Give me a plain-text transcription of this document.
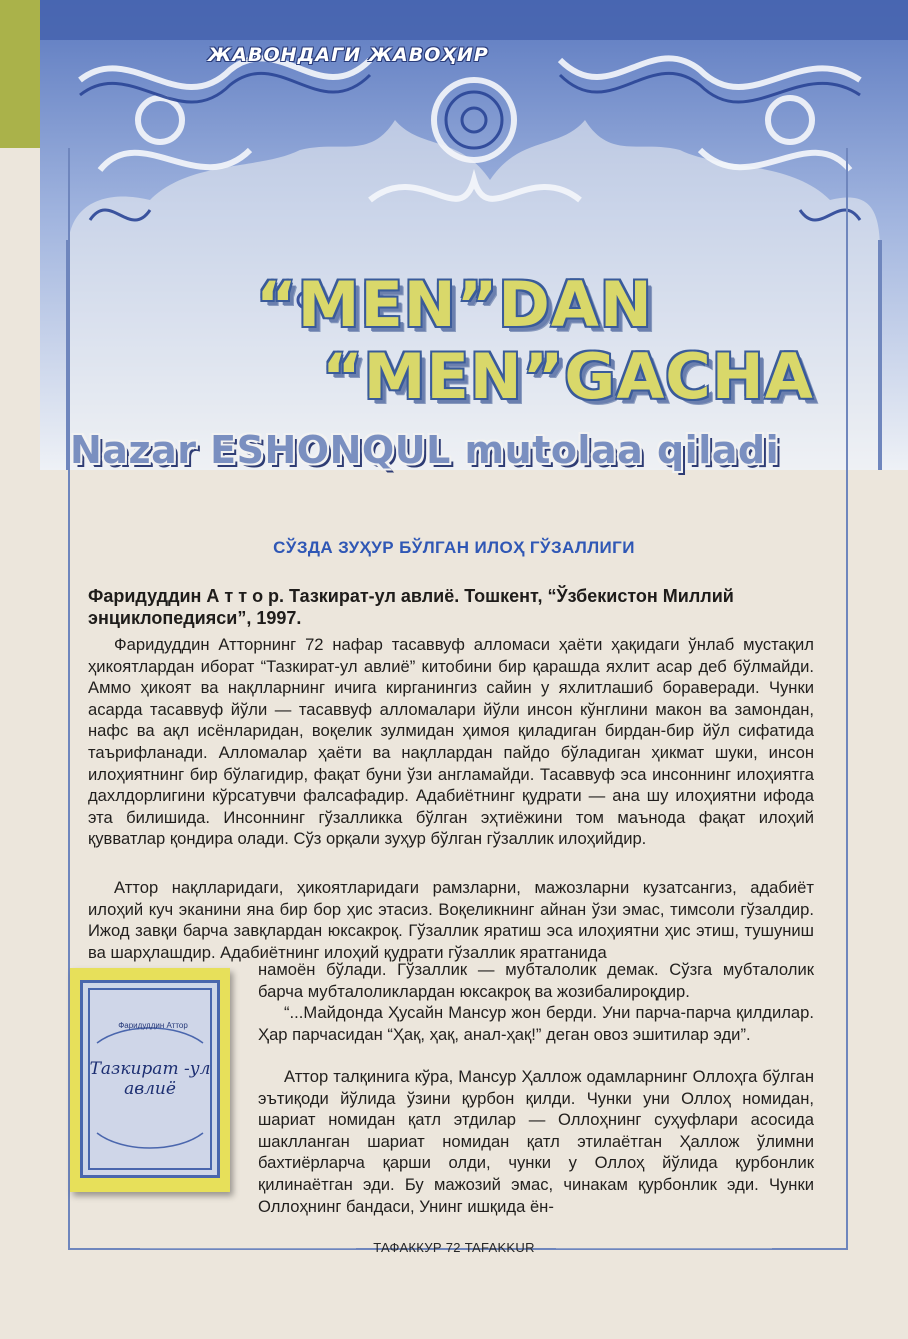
ЖАВОНДАГИ ЖАВОҲИР
“MEN”DAN
“MEN”GACHA
Nazar ESHONQUL mutolaa qiladi
СЎЗДА ЗУҲУР БЎЛГАН ИЛОҲ ГЎЗАЛЛИГИ
Фаридуддин А т т о р. Тазкират-ул авлиё. Тошкент, “Ўзбекистон Миллий энциклопедияси”, 1997.
Фаридуддин Атторнинг 72 нафар тасаввуф алломаси ҳаёти ҳақидаги ўнлаб мустақил ҳикоятлардан иборат “Тазкират-ул авлиё” китобини бир қарашда яхлит асар деб бўлмайди. Аммо ҳикоят ва нақлларнинг ичига кирганингиз сайин у яхлитлашиб бораверади. Чунки асарда тасаввуф йўли — тасаввуф алломалари йўли инсон кўнглини макон ва замондан, нафс ва ақл исёнларидан, воқелик зулмидан ҳимоя қиладиган бирдан-бир йўл сифатида таърифланади. Алломалар ҳаёти ва нақллардан пайдо бўладиган ҳикмат шуки, инсон илоҳиятнинг бир бўлагидир, фақат буни ўзи англамайди. Тасаввуф эса инсоннинг илоҳиятга дахлдорлигини кўрсатувчи фалсафадир. Адабиётнинг қудрати — ана шу илоҳиятни ифода эта билишида. Инсоннинг гўзалликка бўлган эҳтиёжини том маънода фақат илоҳий қувватлар қондира олади. Сўз орқали зуҳур бўлган гўзаллик илоҳийдир.
Аттор нақлларидаги, ҳикоятларидаги рамзларни, мажозларни кузатсангиз, адабиёт илоҳий куч эканини яна бир бор ҳис этасиз. Воқеликнинг айнан ўзи эмас, тимсоли гўзалдир. Ижод завқи барча завқлардан юксакроқ. Гўзаллик яратиш эса илоҳиятни ҳис этиш, тушуниш ва шарҳлашдир. Адабиётнинг илоҳий қудрати гўзаллик яратганида
намоён бўлади. Гўзаллик — мубталолик демак. Сўзга мубталолик барча мубталоликлардан юксакроқ ва жозибалироқдир.
“...Майдонда Ҳусайн Мансур жон берди. Уни парча-парча қилдилар. Ҳар парчасидан “Ҳақ, ҳақ, анал-ҳақ!” деган овоз эшитилар эди”.
Аттор талқинига кўра, Мансур Ҳаллож одамларнинг Оллоҳга бўлган эътиқоди йўлида ўзини қурбон қилди. Чунки уни Оллоҳ номидан, шариат номидан қатл этдилар — Оллоҳнинг суҳуфлари асосида шаклланган шариат номидан қатл этилаётган Ҳаллож ўлимни бахтиёрларча қарши олди, чунки у Оллоҳ йўлида қурбонлик қилинаётган эди. Бу мажозий эмас, чинакам қурбонлик эди. Чунки Оллоҳнинг бандаси, Унинг ишқида ён-
Фаридуддин Аттор
Тазкират -ул авлиё
ТАФАККУР 72 TAFAKKUR
